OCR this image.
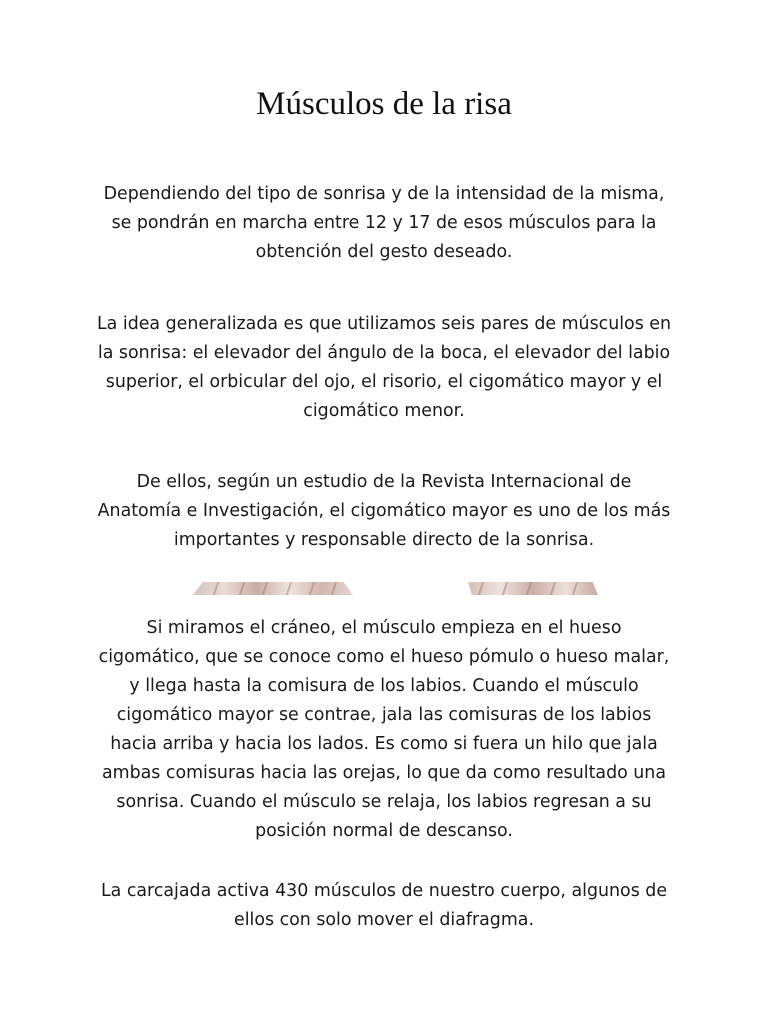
Músculos de la risa

Dependiendo del tipo de sonrisa y de la intensidad de la misma,
se pondrán en marcha entre 12 y 17 de esos músculos para la
obtención del gesto deseado.

La idea generalizada es que utilizamos seis pares de músculos en
la sonrisa: el elevador del ángulo de la boca, el elevador del labio
superior, el orbicular del ojo, el risorio, el cigomático mayor y el
cigomático menor.

De ellos, según un estudio de la Revista Internacional de
Anatomía e Investigación, el cigomático mayor es uno de los más
importantes y responsable directo de la sonrisa.

Si miramos el cráneo, el músculo empieza en el hueso
cigomático, que se conoce como el hueso pómulo o hueso malar,
y llega hasta la comisura de los labios. Cuando el músculo
cigomático mayor se contrae, jala las comisuras de los labios
hacia arriba y hacia los lados. Es como si fuera un hilo que jala
ambas comisuras hacia las orejas, lo que da como resultado una
sonrisa. Cuando el músculo se relaja, los labios regresan a su
posición normal de descanso.

La carcajada activa 430 músculos de nuestro cuerpo, algunos de
ellos con solo mover el diafragma.
